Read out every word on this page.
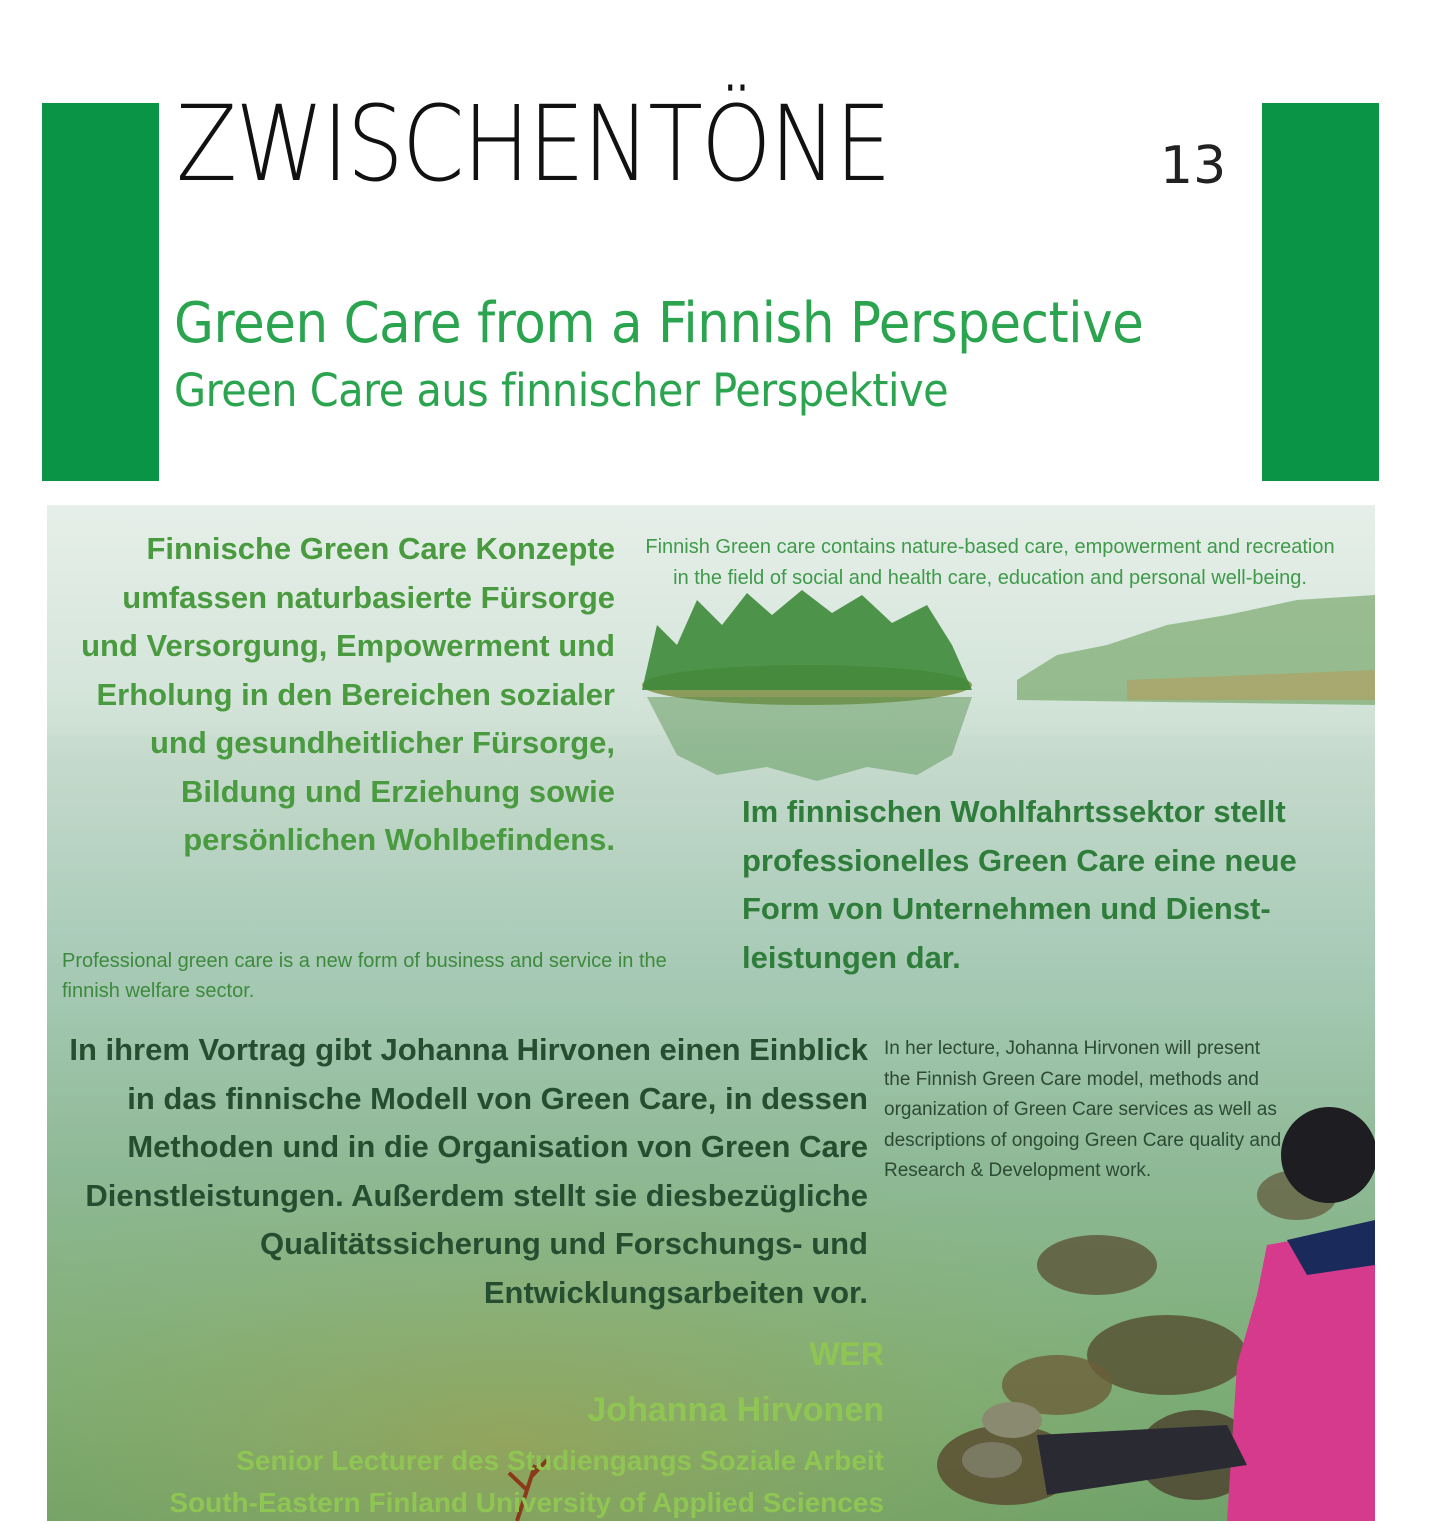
ZWISCHENTÖNE	13
Green Care from a Finnish Perspective
Green Care aus finnischer Perspektive
Finnische Green Care Konzepte umfassen naturbasierte Fürsorge und Versorgung, Empowerment und Erholung in den Bereichen sozialer und gesundheitlicher Fürsorge, Bildung und Erziehung sowie persönlichen Wohlbefindens.
Finnish Green care contains nature-based care, empowerment and recreation in the field of social and health care, education and personal well-being.
Im finnischen Wohlfahrtssektor stellt professionelles Green Care eine neue Form von Unternehmen und Dienst-leistungen dar.
Professional green care is a new form of business and service in the finnish welfare sector.
In ihrem Vortrag gibt Johanna Hirvonen einen Einblick in das finnische Modell von Green Care, in dessen Methoden und in die Organisation von Green Care Dienstleistungen. Außerdem stellt sie diesbezügliche Qualitätssicherung und Forschungs- und Entwicklungsarbeiten vor.
In her lecture, Johanna Hirvonen will present the Finnish Green Care model, methods and organization of Green Care services as well as descriptions of ongoing Green Care quality and Research & Development work.
WER
Johanna Hirvonen
Senior Lecturer des Studiengangs Soziale Arbeit
South-Eastern Finland University of Applied Sciences
